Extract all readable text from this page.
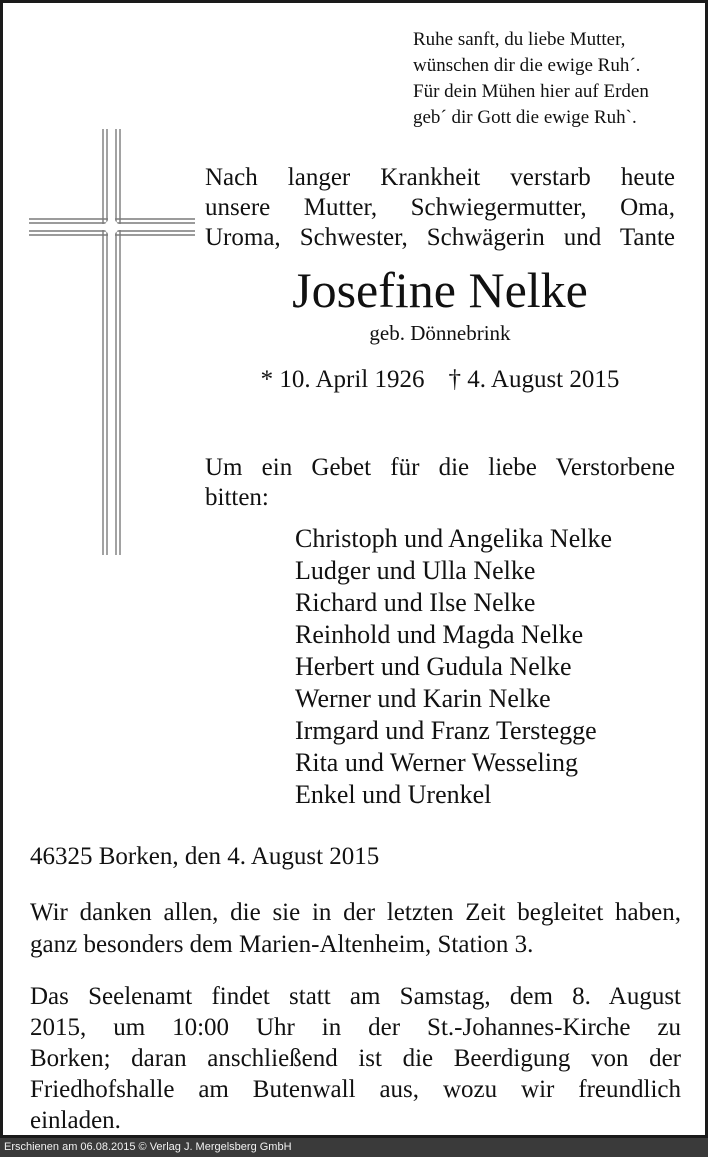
Ruhe sanft, du liebe Mutter,
wünschen dir die ewige Ruh´.
Für dein Mühen hier auf Erden
geb´ dir Gott die ewige Ruh`.
Nach langer Krankheit verstarb heute
unsere Mutter, Schwiegermutter, Oma,
Uroma, Schwester, Schwägerin und Tante
Josefine Nelke
geb. Dönnebrink
* 10. April 1926 † 4. August 2015
Um ein Gebet für die liebe Verstorbene
bitten:
Christoph und Angelika Nelke
Ludger und Ulla Nelke
Richard und Ilse Nelke
Reinhold und Magda Nelke
Herbert und Gudula Nelke
Werner und Karin Nelke
Irmgard und Franz Terstegge
Rita und Werner Wesseling
Enkel und Urenkel
46325 Borken, den 4. August 2015
Wir danken allen, die sie in der letzten Zeit begleitet haben,
ganz besonders dem Marien-Altenheim, Station 3.
Das Seelenamt findet statt am Samstag, dem 8. August
2015, um 10:00 Uhr in der St.-Johannes-Kirche zu
Borken; daran anschließend ist die Beerdigung von der
Friedhofshalle am Butenwall aus, wozu wir freundlich
einladen.
Erschienen am 06.08.2015 © Verlag J. Mergelsberg GmbH
